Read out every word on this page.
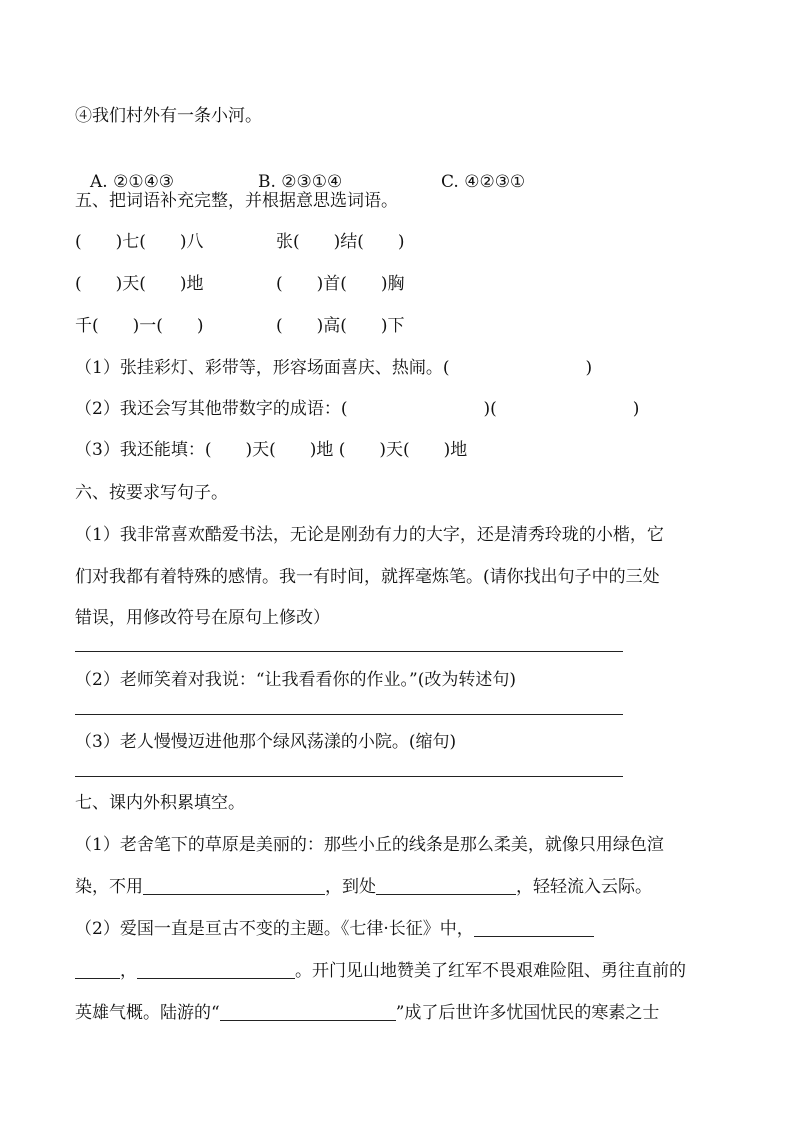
④我们村外有一条小河。

A. ②①④③	B. ②③①④	C. ④②③①

五、把词语补充完整，并根据意思选词语。

(　　)七(　　)八	张(　　)结(　　)

(　　)天(　　)地	(　　)首(　　)胸

千(　　)一(　　)	(　　)高(　　)下

（1）张挂彩灯、彩带等，形容场面喜庆、热闹。(　　　　　　　　)

（2）我还会写其他带数字的成语：(　　　　　　　　)(　　　　　　　　)

（3）我还能填：(　　)天(　　)地 (　　)天(　　)地

六、按要求写句子。

（1）我非常喜欢酷爱书法，无论是刚劲有力的大字，还是清秀玲珑的小楷，它

们对我都有着特殊的感情。我一有时间，就挥毫炼笔。(请你找出句子中的三处

错误，用修改符号在原句上修改）

（2）老师笑着对我说：“让我看看你的作业。”(改为转述句)

（3）老人慢慢迈进他那个绿风荡漾的小院。(缩句)

七、课内外积累填空。

（1）老舍笔下的草原是美丽的：那些小丘的线条是那么柔美，就像只用绿色渲

染，不用	，到处	，轻轻流入云际。

（2）爱国一直是亘古不变的主题。《七律·长征》中，

，	。开门见山地赞美了红军不畏艰难险阻、勇往直前的

英雄气概。陆游的“	”成了后世许多忧国忧民的寒素之士
